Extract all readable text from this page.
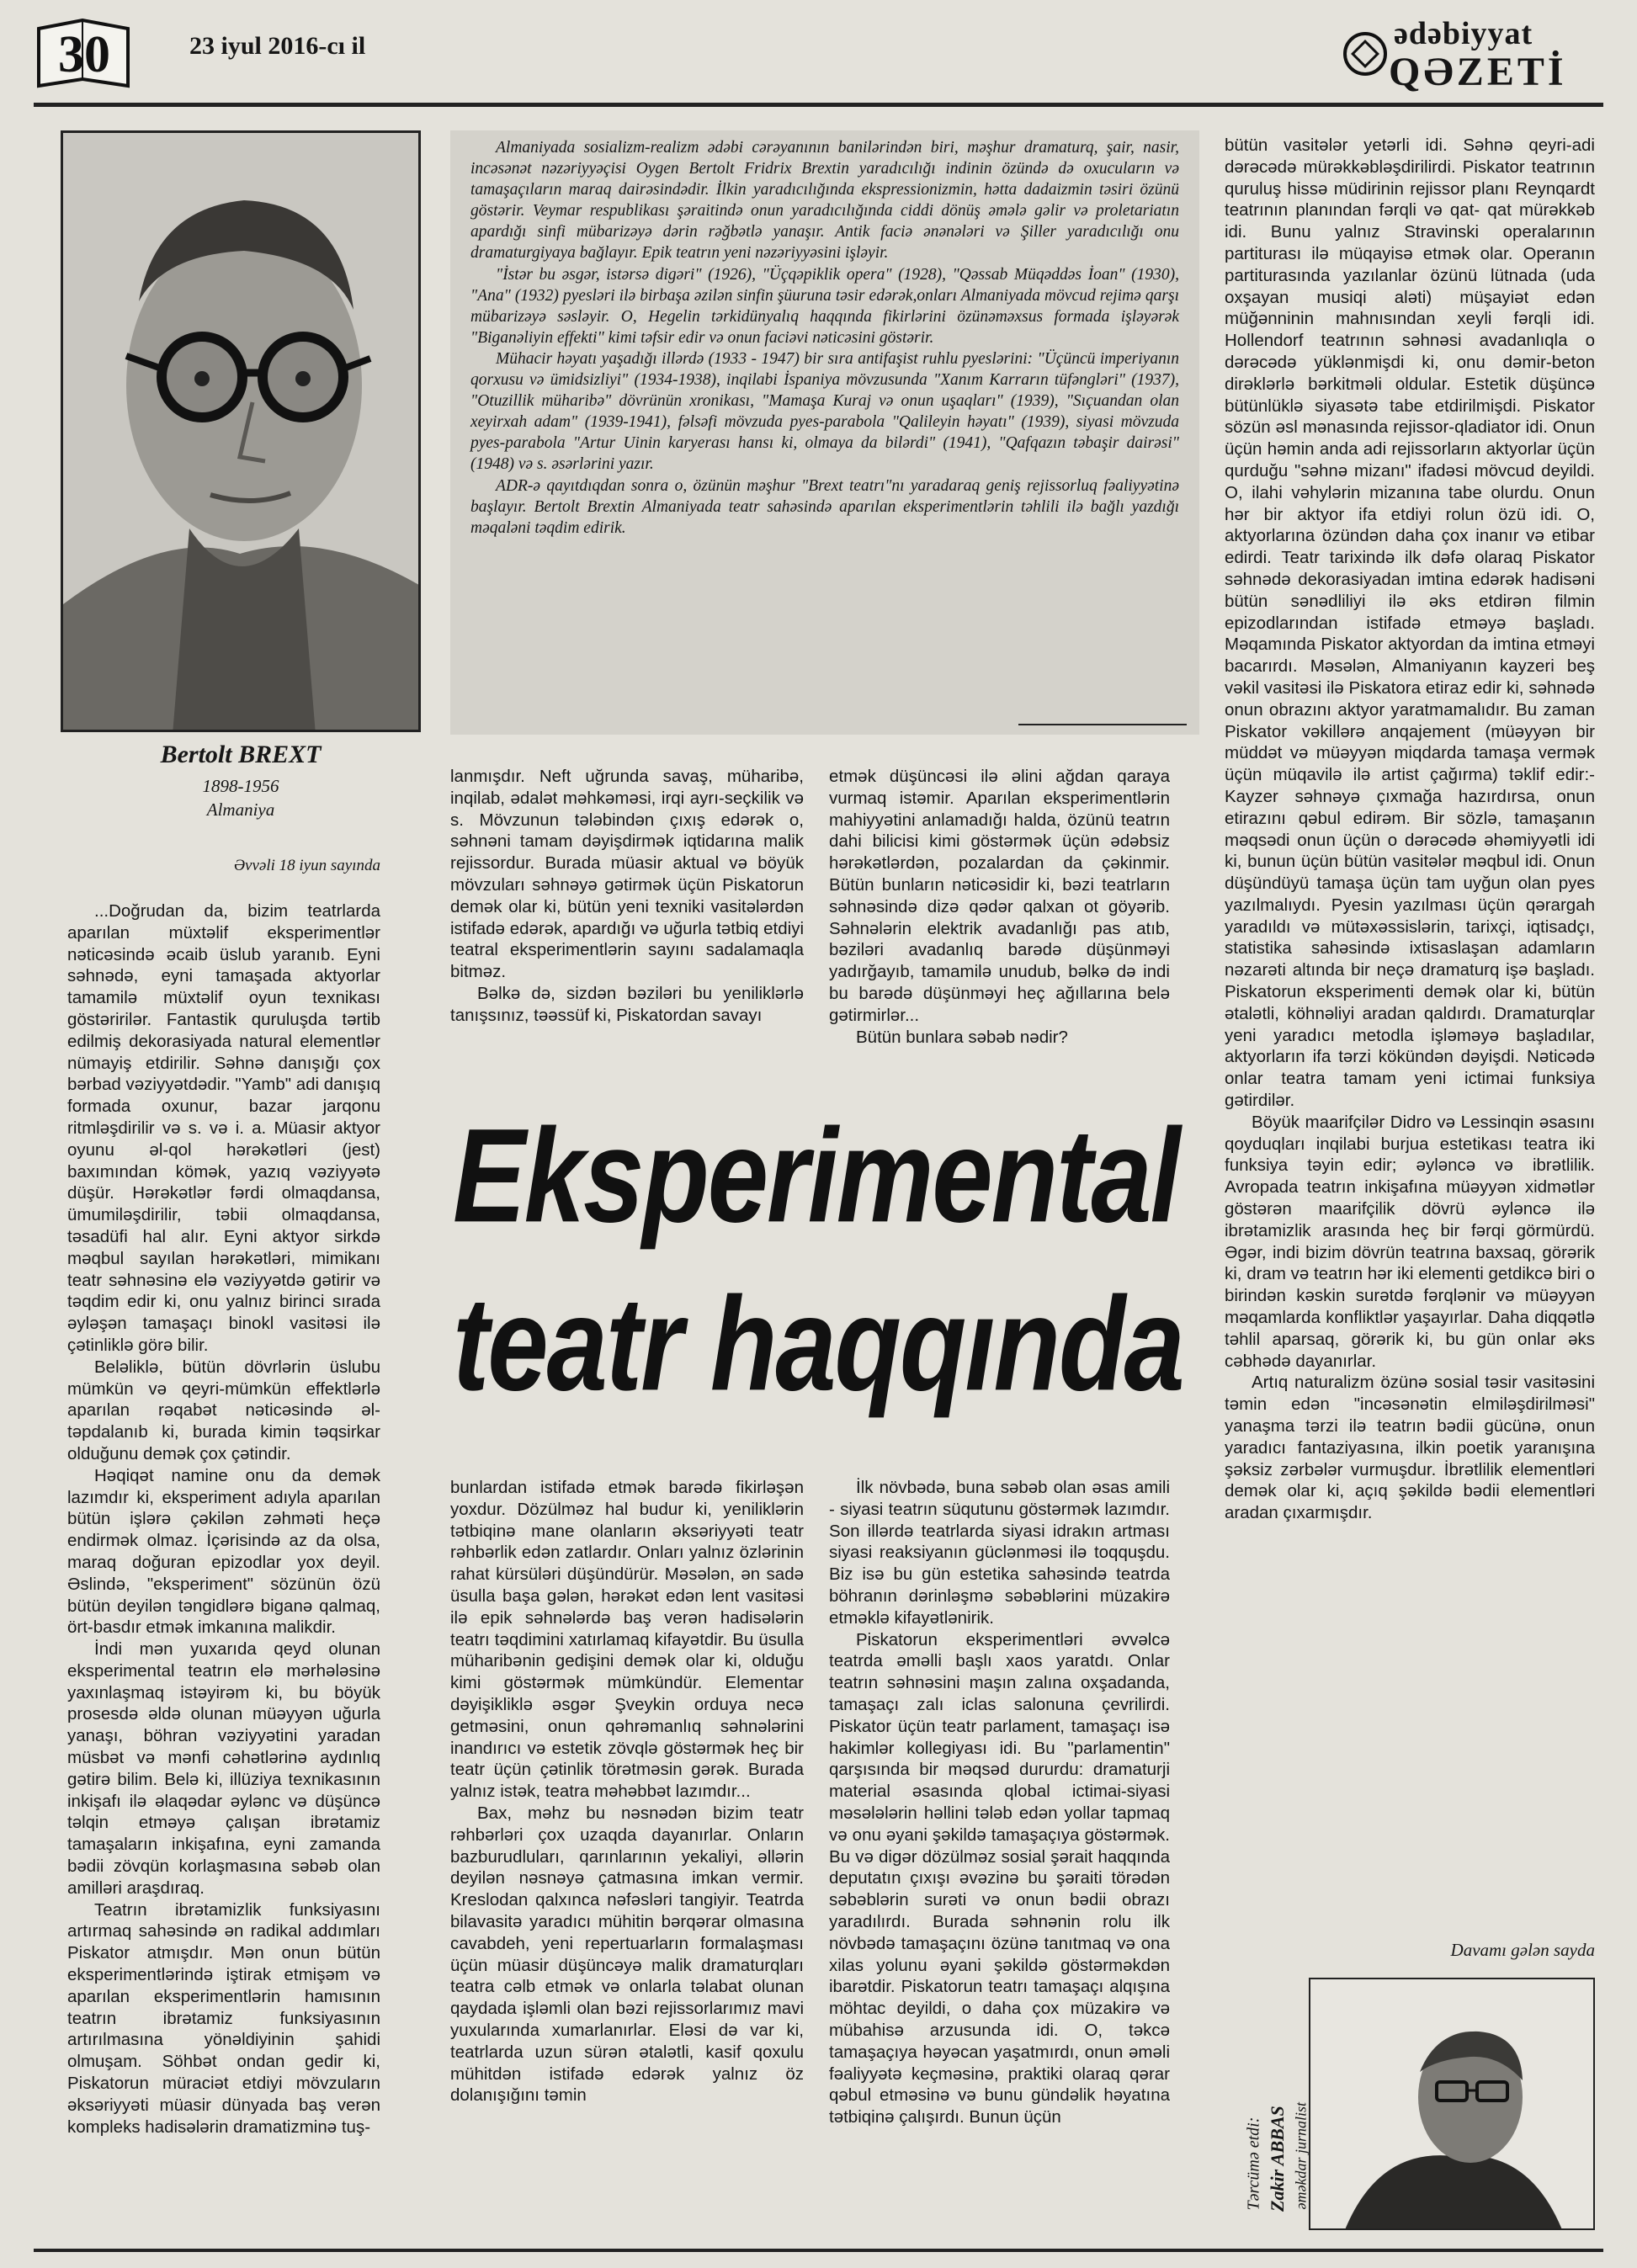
30	23 iyul 2016-cı il	ədəbiyyat
QƏZETİ
Bertolt BREXT
1898-1956
Almaniya

Almaniyada sosializm-realizm ədəbi cərəyanının banilərindən biri, məşhur dramaturq, şair, nasir, incəsənət nəzəriyyəçisi Oygen Bertolt Fridrix Brextin yaradıcılığı indinin özündə də oxucuların və tamaşaçıların maraq dairəsindədir. İlkin yaradıcılığında ekspressionizmin, hətta dadaizmin təsiri özünü göstərir. Veymar respublikası şəraitində onun yaradıcılığında ciddi dönüş əmələ gəlir və proletariatın apardığı sinfi mübarizəyə dərin rəğbətlə yanaşır. Antik faciə ənənələri və Şiller yaradıcılığı onu dramaturgiyaya bağlayır. Epik teatrın yeni nəzəriyyəsini işləyir.

"İstər bu əsgər, istərsə digəri" (1926), "Üçqəpiklik opera" (1928), "Qəssab Müqəddəs İoan" (1930), "Ana" (1932) pyesləri ilə birbaşa əzilən sinfin şüuruna təsir edərək,onları Almaniyada mövcud rejimə qarşı mübarizəyə səsləyir. O, Hegelin tərkidünyalıq haqqında fikirlərini özünəməxsus formada işləyərək "Biganəliyin effekti" kimi təfsir edir və onun faciəvi nəticəsini göstərir.

Mühacir həyatı yaşadığı illərdə (1933 - 1947) bir sıra antifaşist ruhlu pyeslərini: "Üçüncü imperiyanın qorxusu və ümidsizliyi" (1934-1938), inqilabi İspaniya mövzusunda "Xanım Karrarın tüfəngləri" (1937), "Otuzillik müharibə" dövrünün xronikası, "Mamaşa Kuraj və onun uşaqları" (1939), "Sıçuandan olan xeyirxah adam" (1939-1941), fəlsəfi mövzuda pyes-parabola "Qalileyin həyatı" (1939), siyasi mövzuda pyes-parabola "Artur Uinin karyerası hansı ki, olmaya da bilərdi" (1941), "Qafqazın təbaşir dairəsi" (1948) və s. əsərlərini yazır.

ADR-ə qayıtdıqdan sonra o, özünün məşhur "Brext teatrı"nı yaradaraq geniş rejissorluq fəaliyyətinə başlayır. Bertolt Brextin Almaniyada teatr sahəsində aparılan eksperimentlərin təhlili ilə bağlı yazdığı məqaləni təqdim edirik.

Əvvəli 18 iyun sayında

...Doğrudan da, bizim teatrlarda aparılan müxtəlif eksperimentlər nəticəsində əcaib üslub yaranıb. Eyni səhnədə, eyni tamaşada aktyorlar tamamilə müxtəlif oyun texnikası göstəririlər. Fantastik quruluşda tərtib edilmiş dekorasiyada natural elementlər nümayiş etdirilir. Səhnə danışığı çox bərbad vəziyyətdədir. "Yamb" adi danışıq formada oxunur, bazar jarqonu ritmləşdirilir və s. və i. a. Müasir aktyor oyunu əl-qol hərəkətləri (jest) baxımından kömək, yazıq vəziyyətə düşür. Hərəkətlər fərdi olmaqdansa, ümumiləşdirilir, təbii olmaqdansa, təsadüfi hal alır. Eyni aktyor sirkdə məqbul sayılan hərəkətləri, mimikanı teatr səhnəsinə elə vəziyyətdə gətirir və təqdim edir ki, onu yalnız birinci sırada əyləşən tamaşaçı binokl vasitəsi ilə çətinliklə görə bilir.

Beləliklə, bütün dövrlərin üslubu mümkün və qeyri-mümkün effektlərlə aparılan rəqabət nəticəsində əl-təpdalanıb ki, burada kimin təqsirkar olduğunu demək çox çətindir.

Həqiqət namine onu da demək lazımdır ki, eksperiment adıyla aparılan bütün işlərə çəkilən zəhməti heçə endirmək olmaz. İçərisində az da olsa, maraq doğuran epizodlar yox deyil. Əslində, "eksperiment" sözünün özü bütün deyilən təngidlərə biganə qalmaq, ört-basdır etmək imkanına malikdir.

İndi mən yuxarıda qeyd olunan eksperimental teatrın elə mərhələsinə yaxınlaşmaq istəyirəm ki, bu böyük prosesdə əldə olunan müəyyən uğurla yanaşı, böhran vəziyyətini yaradan müsbət və mənfi cəhətlərinə aydınlıq gətirə bilim. Belə ki, illüziya texnikasının inkişafı ilə əlaqədar əylənc və düşüncə təlqin etməyə çalışan ibrətamiz tamaşaların inkişafına, eyni zamanda bədii zövqün korlaşmasına səbəb olan amilləri araşdıraq.

Teatrın ibrətamizlik funksiyasını artırmaq sahəsində ən radikal addımları Piskator atmışdır. Mən onun bütün eksperimentlərində iştirak etmişəm və aparılan eksperimentlərin hamısının teatrın ibrətamiz funksiyasının artırılmasına yönəldiyinin şahidi olmuşam. Söhbət ondan gedir ki, Piskatorun müraciət etdiyi mövzuların əksəriyyəti müasir dünyada baş verən kompleks hadisələrin dramatizminə tuş-

lanmışdır. Neft uğrunda savaş, müharibə, inqilab, ədalət məhkəməsi, irqi ayrı-seçkilik və s. Mövzunun tələbindən çıxış edərək o, səhnəni tamam dəyişdirmək iqtidarına malik rejissordur. Burada müasir aktual və böyük mövzuları səhnəyə gətirmək üçün Piskatorun demək olar ki, bütün yeni texniki vasitələrdən istifadə edərək, apardığı və uğurla tətbiq etdiyi teatral eksperimentlərin sayını sadalamaqla bitməz.

Bəlkə də, sizdən bəziləri bu yeniliklərlə tanışsınız, təəssüf ki, Piskatordan savayı

etmək düşüncəsi ilə əlini ağdan qaraya vurmaq istəmir. Aparılan eksperimentlərin mahiyyətini anlamadığı halda, özünü teatrın dahi bilicisi kimi göstərmək üçün ədəbsiz hərəkətlərdən, pozalardan da çəkinmir. Bütün bunların nəticəsidir ki, bəzi teatrların səhnəsində dizə qədər qalxan ot göyərib. Səhnələrin elektrik avadanlığı pas atıb, bəziləri avadanlıq barədə düşünməyi yadırğayıb, tamamilə unudub, bəlkə də indi bu barədə düşünməyi heç ağıllarına belə gətirmirlər...

Bütün bunlara səbəb nədir?

Eksperimental
teatr haqqında

bunlardan istifadə etmək barədə fikirləşən yoxdur. Dözülməz hal budur ki, yeniliklərin tətbiqinə mane olanların əksəriyyəti teatr rəhbərlik edən zatlardır. Onları yalnız özlərinin rahat kürsüləri düşündürür. Məsələn, ən sadə üsulla başa gələn, hərəkət edən lent vasitəsi ilə epik səhnələrdə baş verən hadisələrin teatrı təqdimini xatırlamaq kifayətdir. Bu üsulla müharibənin gedişini demək olar ki, olduğu kimi göstərmək mümkündür. Elementar dəyişikliklə əsgər Şveykin orduya necə getməsini, onun qəhrəmanlıq səhnələrini inandırıcı və estetik zövqlə göstərmək heç bir teatr üçün çətinlik törətməsin gərək. Burada yalnız istək, teatra məhəbbət lazımdır...

Bax, məhz bu nəsnədən bizim teatr rəhbərləri çox uzaqda dayanırlar. Onların bazburudluları, qarınlarının yekaliyi, əllərin deyilən nəsnəyə çatmasına imkan vermir. Kreslodan qalxınca nəfəsləri tangiyir. Teatrda bilavasitə yaradıcı mühitin bərqərar olmasına cavabdeh, yeni repertuarların formalaşması üçün müasir düşüncəyə malik dramaturqları teatra cəlb etmək və onlarla təlabat olunan qaydada işləmli olan bəzi rejissorlarımız mavi yuxularında xumarlanırlar. Eləsi də var ki, teatrlarda uzun sürən ətalətli, kasif qoxulu mühitdən istifadə edərək yalnız öz dolanışığını təmin

İlk növbədə, buna səbəb olan əsas amili - siyasi teatrın süqutunu göstərmək lazımdır. Son illərdə teatrlarda siyasi idrakın artması siyasi reaksiyanın güclənməsi ilə toqquşdu. Biz isə bu gün estetika sahəsində teatrda böhranın dərinləşmə səbəblərini müzakirə etməklə kifayətlənirik.

Piskatorun eksperimentləri əvvəlcə teatrda əməlli başlı xaos yaratdı. Onlar teatrın səhnəsini maşın zalına oxşadanda, tamaşaçı zalı iclas salonuna çevrilirdi. Piskator üçün teatr parlament, tamaşaçı isə hakimlər kollegiyası idi. Bu "parlamentin" qarşısında bir məqsəd dururdu: dramaturji material əsasında qlobal ictimai-siyasi məsələlərin həllini tələb edən yollar tapmaq və onu əyani şəkildə tamaşaçıya göstərmək. Bu və digər dözülməz sosial şərait haqqında deputatın çıxışı əvəzinə bu şəraiti törədən səbəblərin surəti və onun bədii obrazı yaradılırdı. Burada səhnənin rolu ilk növbədə tamaşaçını özünə tanıtmaq və ona xilas yolunu əyani şəkildə göstərməkdən ibarətdir. Piskatorun teatrı tamaşaçı alqışına möhtac deyildi, o daha çox müzakirə və mübahisə arzusunda idi. O, təkcə tamaşaçıya həyəcan yaşatmırdı, onun əməli fəaliyyətə keçməsinə, praktiki olaraq qərar qəbul etməsinə və bunu gündəlik həyatına tətbiqinə çalışırdı. Bunun üçün

bütün vasitələr yetərli idi. Səhnə qeyri-adi dərəcədə mürəkkəbləşdirilirdi. Piskator teatrının quruluş hissə müdirinin rejissor planı Reynqardt teatrının planından fərqli və qat- qat mürəkkəb idi. Bunu yalnız Stravinski operalarının partiturası ilə müqayisə etmək olar. Operanın partiturasında yazılanlar özünü lütnada (uda oxşayan musiqi aləti) müşayiət edən müğənninin mahnısından xeyli fərqli idi. Hollendorf teatrının səhnəsi avadanlıqla o dərəcədə yüklənmişdi ki, onu dəmir-beton dirəklərlə bərkitməli oldular. Estetik düşüncə bütünlüklə siyasətə tabe etdirilmişdi. Piskator sözün əsl mənasında rejissor-qladiator idi. Onun üçün həmin anda adi rejissorların aktyorlar üçün qurduğu "səhnə mizanı" ifadəsi mövcud deyildi. O, ilahi vəhylərin mizanına tabe olurdu. Onun hər bir aktyor ifa etdiyi rolun özü idi. O, aktyorlarına özündən daha çox inanır və etibar edirdi. Teatr tarixində ilk dəfə olaraq Piskator səhnədə dekorasiyadan imtina edərək hadisəni bütün sənədliliyi ilə əks etdirən filmin epizodlarından istifadə etməyə başladı. Məqamında Piskator aktyordan da imtina etməyi bacarırdı. Məsələn, Almaniyanın kayzeri beş vəkil vasitəsi ilə Piskatora etiraz edir ki, səhnədə onun obrazını aktyor yaratmamalıdır. Bu zaman Piskator vəkillərə anqajement (müəyyən bir müddət və müəyyən miqdarda tamaşa vermək üçün müqavilə ilə artist çağırma) təklif edir:- Kayzer səhnəyə çıxmağa hazırdırsa, onun etirazını qəbul edirəm. Bir sözlə, tamaşanın məqsədi onun üçün o dərəcədə əhəmiyyətli idi ki, bunun üçün bütün vasitələr məqbul idi. Onun düşündüyü tamaşa üçün tam uyğun olan pyes yazılmalıydı. Pyesin yazılması üçün qərargah yaradıldı və mütəxəssislərin, tarixçi, iqtisadçı, statistika sahəsində ixtisaslaşan adamların nəzarəti altında bir neçə dramaturq işə başladı. Piskatorun eksperimenti demək olar ki, bütün ətalətli, köhnəliyi aradan qaldırdı. Dramaturqlar yeni yaradıcı metodla işləməyə başladılar, aktyorların ifa tərzi kökündən dəyişdi. Nəticədə onlar teatra tamam yeni ictimai funksiya gətirdilər.

Böyük maarifçilər Didro və Lessinqin əsasını qoyduqları inqilabi burjua estetikası teatra iki funksiya təyin edir; əyləncə və ibrətlilik. Avropada teatrın inkişafına müəyyən xidmətlər göstərən maarifçilik dövrü əyləncə ilə ibrətamizlik arasında heç bir fərqi görmürdü. Əgər, indi bizim dövrün teatrına baxsaq, görərik ki, dram və teatrın hər iki elementi getdikcə biri o birindən kəskin surətdə fərqlənir və müəyyən məqamlarda konfliktlər yaşayırlar. Daha diqqətlə təhlil aparsaq, görərik ki, bu gün onlar əks cəbhədə dayanırlar.

Artıq naturalizm özünə sosial təsir vasitəsini təmin edən "incəsənətin elmiləşdirilməsi" yanaşma tərzi ilə teatrın bədii gücünə, onun yaradıcı fantaziyasına, ilkin poetik yaranışına şəksiz zərbələr vurmuşdur. İbrətlilik elementləri demək olar ki, açıq şəkildə bədii elementləri aradan çıxarmışdır.

Davamı gələn sayda
Tərcümə etdi: Zakir ABBAS əməkdar jurnalist
